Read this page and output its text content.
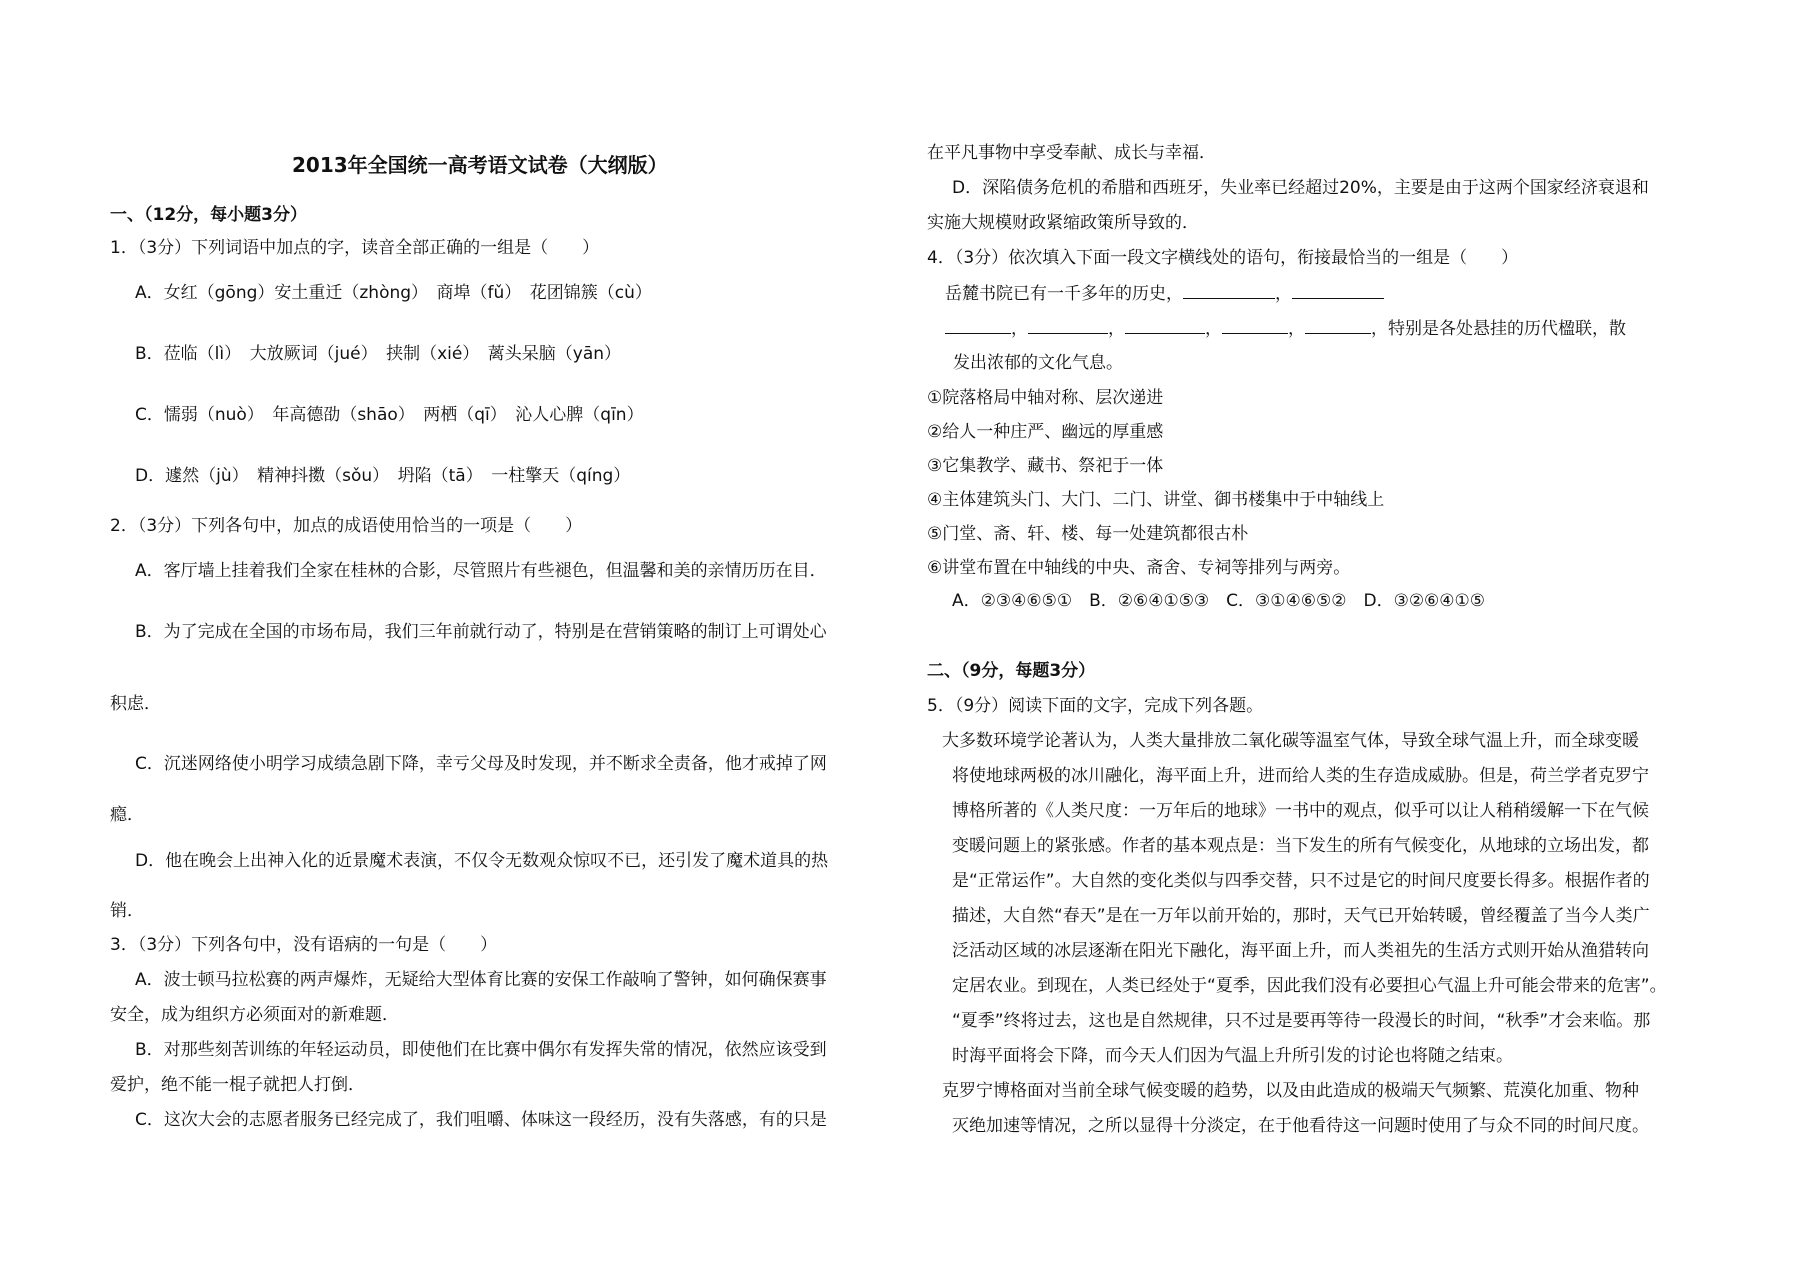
2013年全国统一高考语文试卷（大纲版）
一、（12分，每小题3分）
1．（3分）下列词语中加点的字，读音全部正确的一组是（　　）
A．女红（gōng）安土重迁（zhòng）　商埠（fǔ）　花团锦簇（cù）
B．莅临（lì）　大放厥词（jué）　挟制（xié）　蓠头呆脑（yān）
C．懦弱（nuò）　年高德劭（shāo）　两栖（qī）　沁人心脾（qīn）
D．遽然（jù）　精神抖擞（sǒu）　坍陷（tā）　一柱擎天（qíng）
2．（3分）下列各句中，加点的成语使用恰当的一项是（　　）
A．客厅墙上挂着我们全家在桂林的合影，尽管照片有些褪色，但温馨和美的亲情历历在目．
B．为了完成在全国的市场布局，我们三年前就行动了，特别是在营销策略的制订上可谓处心
积虑．
C．沉迷网络使小明学习成绩急剧下降，幸亏父母及时发现，并不断求全责备，他才戒掉了网
瘾．
D．他在晚会上出神入化的近景魔术表演，不仅令无数观众惊叹不已，还引发了魔术道具的热
销．
3．（3分）下列各句中，没有语病的一句是（　　）
A．波士顿马拉松赛的两声爆炸，无疑给大型体育比赛的安保工作敲响了警钟，如何确保赛事
安全，成为组织方必须面对的新难题．
B．对那些刻苦训练的年轻运动员，即使他们在比赛中偶尔有发挥失常的情况，依然应该受到
爱护，绝不能一棍子就把人打倒．
C．这次大会的志愿者服务已经完成了，我们咀嚼、体味这一段经历，没有失落感，有的只是
在平凡事物中享受奉献、成长与幸福．
D．深陷债务危机的希腊和西班牙，失业率已经超过20%，主要是由于这两个国家经济衰退和
实施大规模财政紧缩政策所导致的．
4．（3分）依次填入下面一段文字横线处的语句，衔接最恰当的一组是（　　）
岳麓书院已有一千多年的历史，	，
，	，	，	，	，特别是各处悬挂的历代楹联，散
发出浓郁的文化气息。
①院落格局中轴对称、层次递进
②给人一种庄严、幽远的厚重感
③它集教学、藏书、祭祀于一体
④主体建筑头门、大门、二门、讲堂、御书楼集中于中轴线上
⑤门堂、斋、轩、楼、每一处建筑都很古朴
⑥讲堂布置在中轴线的中央、斋舍、专祠等排列与两旁。
A．②③④⑥⑤①　B．②⑥④①⑤③　C．③①④⑥⑤②　D．③②⑥④①⑤
二、（9分，每题3分）
5．（9分）阅读下面的文字，完成下列各题。
大多数环境学论著认为，人类大量排放二氧化碳等温室气体，导致全球气温上升，而全球变暖
将使地球两极的冰川融化，海平面上升，进而给人类的生存造成威胁。但是，荷兰学者克罗宁
博格所著的《人类尺度：一万年后的地球》一书中的观点，似乎可以让人稍稍缓解一下在气候
变暖问题上的紧张感。作者的基本观点是：当下发生的所有气候变化，从地球的立场出发，都
是“正常运作”。大自然的变化类似与四季交替，只不过是它的时间尺度要长得多。根据作者的
描述，大自然“春天”是在一万年以前开始的，那时，天气已开始转暖，曾经覆盖了当今人类广
泛活动区域的冰层逐渐在阳光下融化，海平面上升，而人类祖先的生活方式则开始从渔猎转向
定居农业。到现在，人类已经处于“夏季，因此我们没有必要担心气温上升可能会带来的危害”。
“夏季”终将过去，这也是自然规律，只不过是要再等待一段漫长的时间，“秋季”才会来临。那
时海平面将会下降，而今天人们因为气温上升所引发的讨论也将随之结束。
克罗宁博格面对当前全球气候变暖的趋势，以及由此造成的极端天气频繁、荒漠化加重、物种
灭绝加速等情况，之所以显得十分淡定，在于他看待这一问题时使用了与众不同的时间尺度。
